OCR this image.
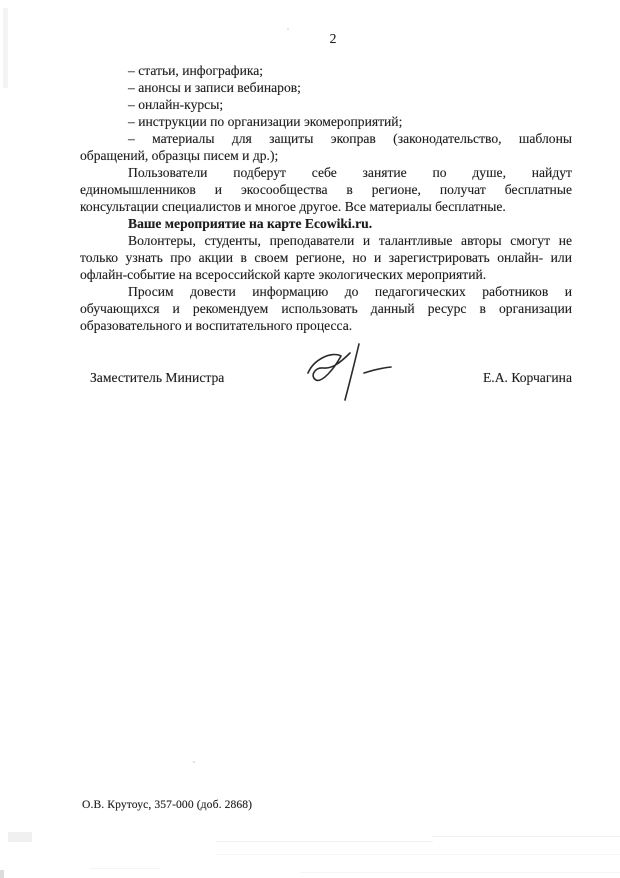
2
– статьи, инфографика;
– анонсы и записи вебинаров;
– онлайн-курсы;
– инструкции по организации экомероприятий;
– материалы для защиты экоправ (законодательство, шаблоны
обращений, образцы писем и др.);
Пользователи подберут себе занятие по душе, найдут
единомышленников и экосообщества в регионе, получат бесплатные
консультации специалистов и многое другое. Все материалы бесплатные.
Ваше мероприятие на карте Ecowiki.ru.
Волонтеры, студенты, преподаватели и талантливые авторы смогут не
только узнать про акции в своем регионе, но и зарегистрировать онлайн- или
офлайн-событие на всероссийской карте экологических мероприятий.
Просим довести информацию до педагогических работников и
обучающихся и рекомендуем использовать данный ресурс в организации
образовательного и воспитательного процесса.
Заместитель Министра	Е.А. Корчагина
О.В. Крутоус, 357-000 (доб. 2868)
